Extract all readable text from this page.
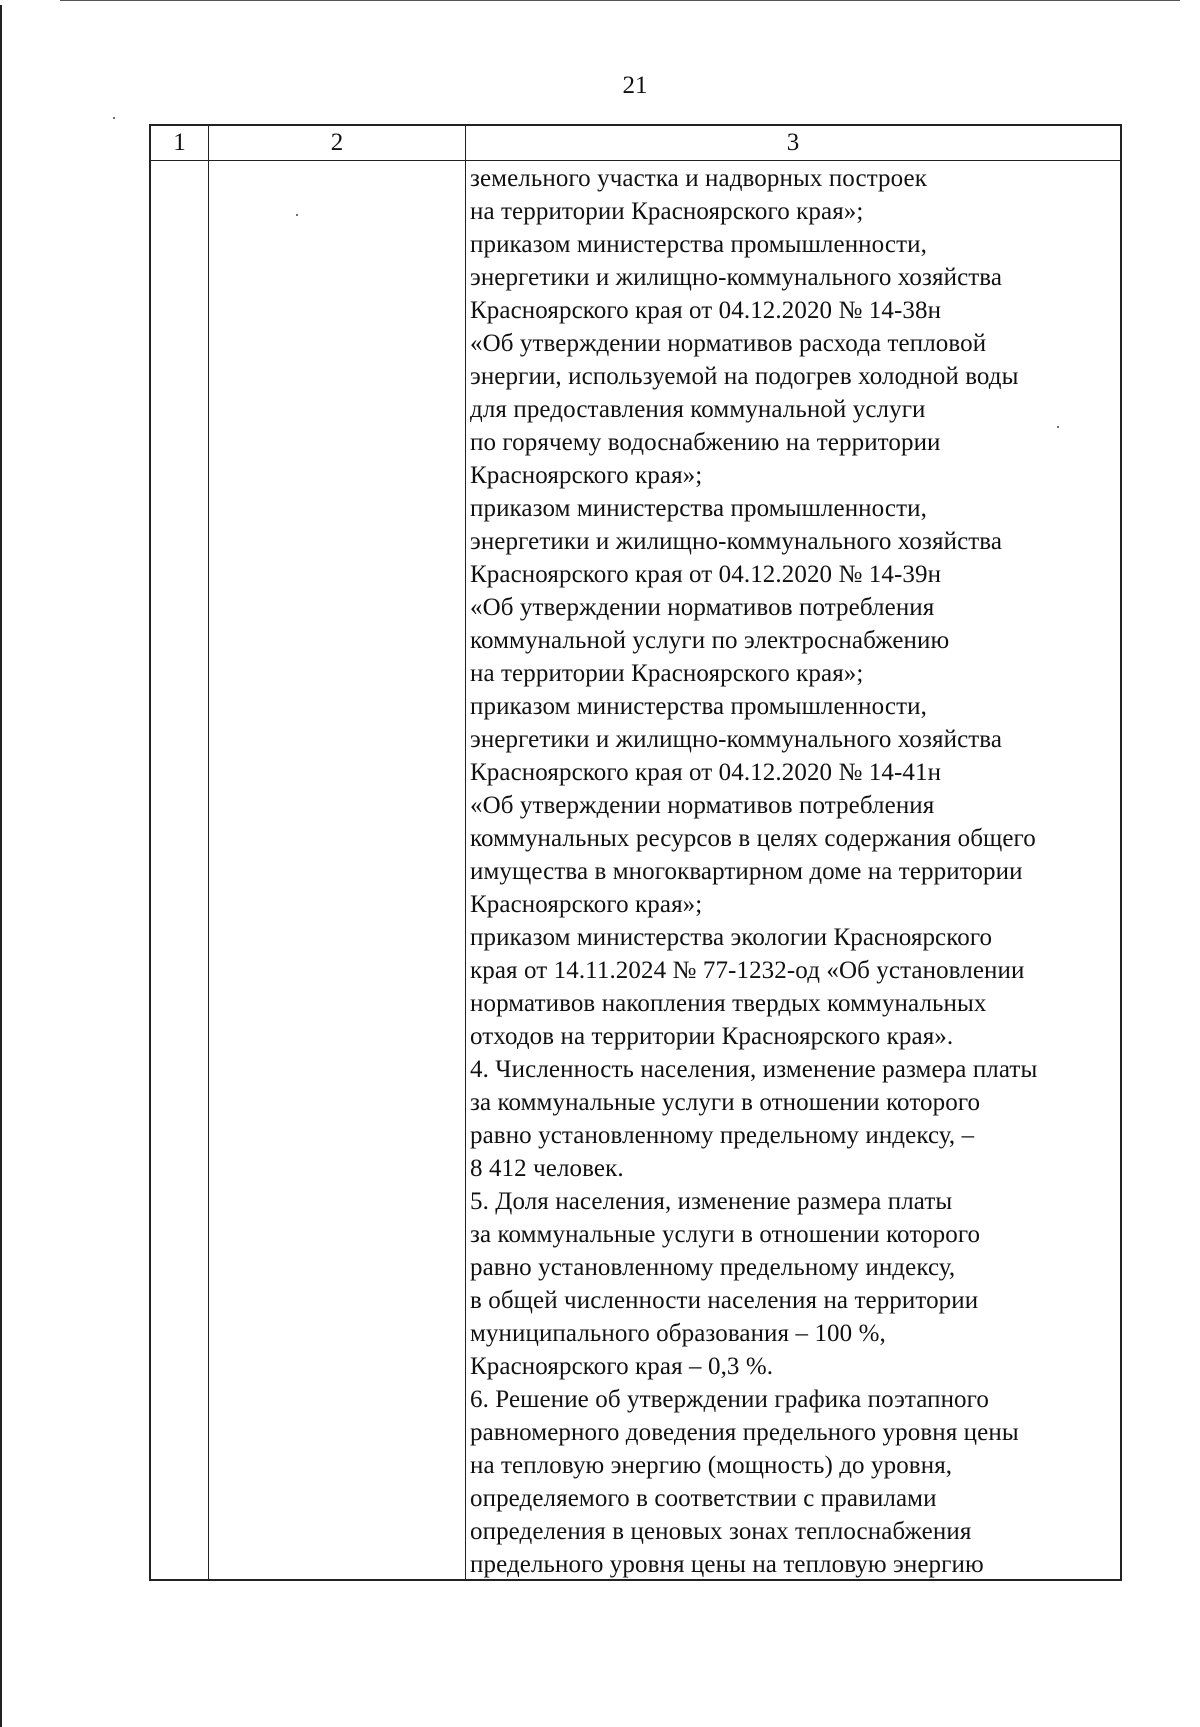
21
1	2	3
земельного участка и надворных построек
на территории Красноярского края»;
приказом министерства промышленности,
энергетики и жилищно-коммунального хозяйства
Красноярского края от 04.12.2020 № 14-38н
«Об утверждении нормативов расхода тепловой
энергии, используемой на подогрев холодной воды
для предоставления коммунальной услуги
по горячему водоснабжению на территории
Красноярского края»;
приказом министерства промышленности,
энергетики и жилищно-коммунального хозяйства
Красноярского края от 04.12.2020 № 14-39н
«Об утверждении нормативов потребления
коммунальной услуги по электроснабжению
на территории Красноярского края»;
приказом министерства промышленности,
энергетики и жилищно-коммунального хозяйства
Красноярского края от 04.12.2020 № 14-41н
«Об утверждении нормативов потребления
коммунальных ресурсов в целях содержания общего
имущества в многоквартирном доме на территории
Красноярского края»;
приказом министерства экологии Красноярского
края от 14.11.2024 № 77-1232-од «Об установлении
нормативов накопления твердых коммунальных
отходов на территории Красноярского края».
4. Численность населения, изменение размера платы
за коммунальные услуги в отношении которого
равно установленному предельному индексу, –
8 412 человек.
5. Доля населения, изменение размера платы
за коммунальные услуги в отношении которого
равно установленному предельному индексу,
в общей численности населения на территории
муниципального образования – 100 %,
Красноярского края – 0,3 %.
6. Решение об утверждении графика поэтапного
равномерного доведения предельного уровня цены
на тепловую энергию (мощность) до уровня,
определяемого в соответствии с правилами
определения в ценовых зонах теплоснабжения
предельного уровня цены на тепловую энергию
